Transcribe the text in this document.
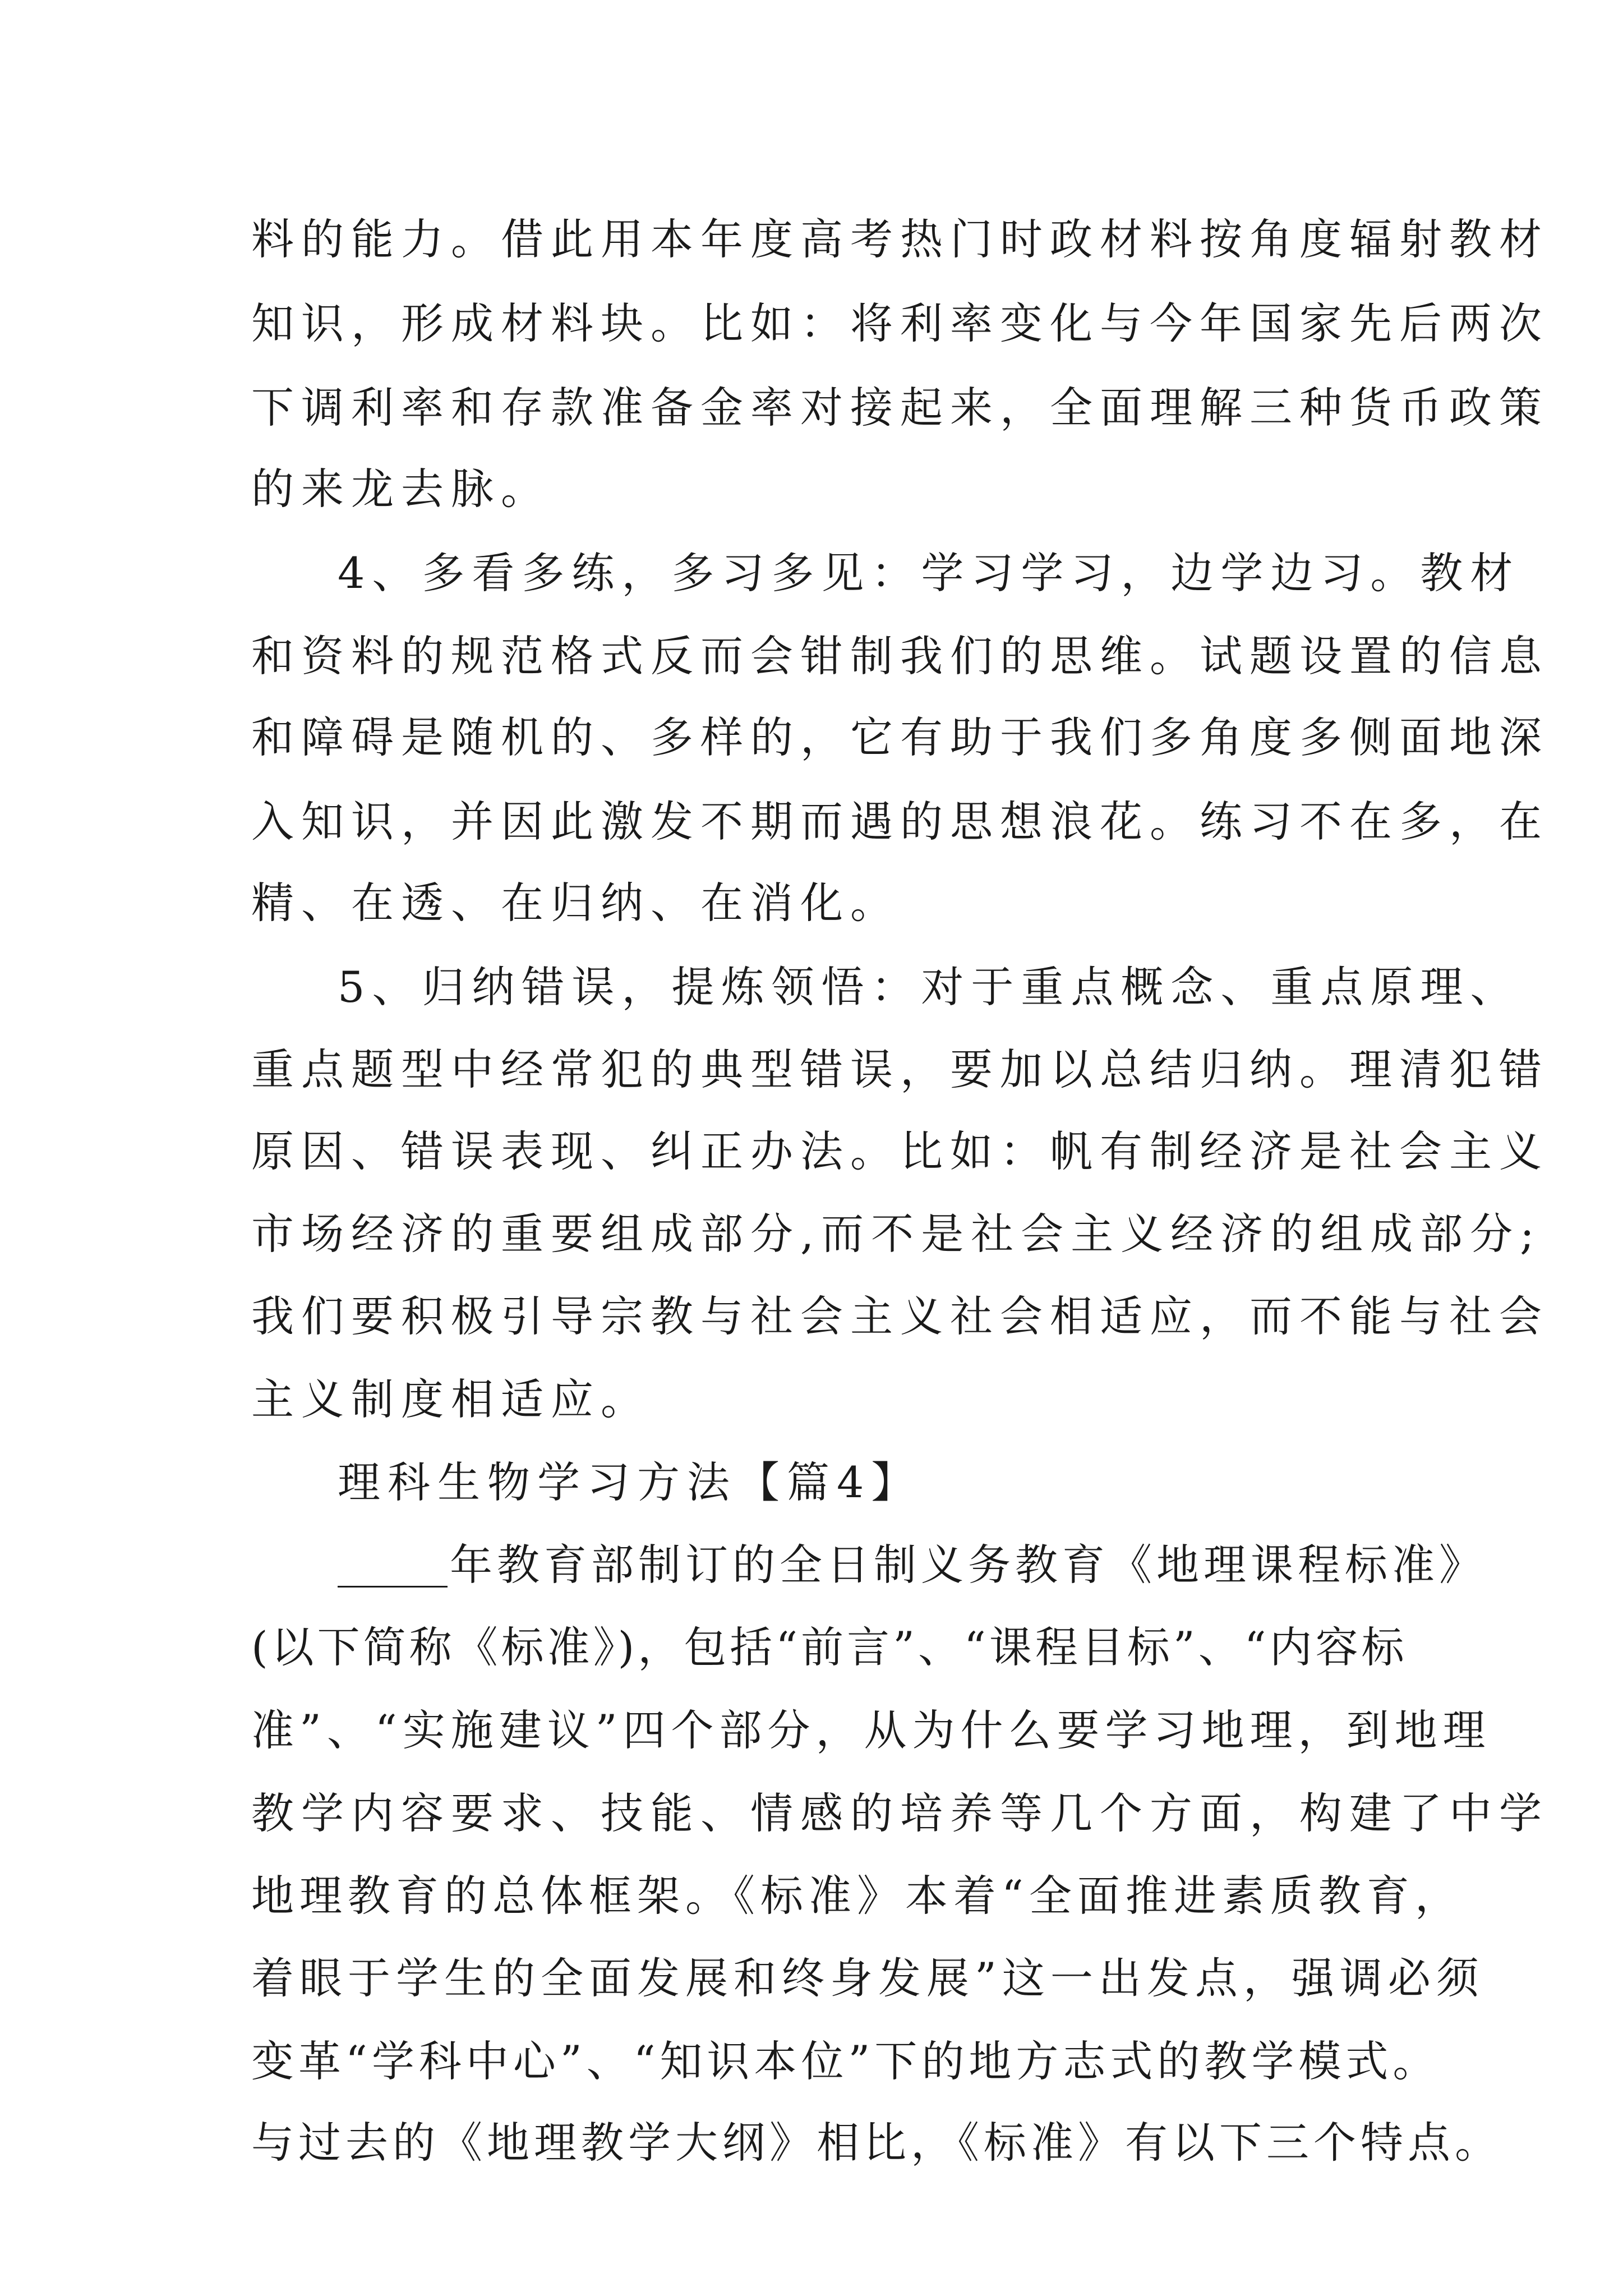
料的能力。借此用本年度高考热门时政材料按角度辐射教材
知识，形成材料块。比如：将利率变化与今年国家先后两次
下调利率和存款准备金率对接起来，全面理解三种货币政策
的来龙去脉。
4、多看多练，多习多见：学习学习，边学边习。教材
和资料的规范格式反而会钳制我们的思维。试题设置的信息
和障碍是随机的、多样的，它有助于我们多角度多侧面地深
入知识，并因此激发不期而遇的思想浪花。练习不在多，在
精、在透、在归纳、在消化。
5、归纳错误，提炼领悟：对于重点概念、重点原理、
重点题型中经常犯的典型错误，要加以总结归纳。理清犯错
原因、错误表现、纠正办法。比如：帆有制经济是社会主义
市场经济的重要组成部分,而不是社会主义经济的组成部分;
我们要积极引导宗教与社会主义社会相适应，而不能与社会
主义制度相适应。
理科生物学习方法【篇4】
年教育部制订的全日制义务教育《地理课程标准》
(以下简称《标准》)，包括“前言”、“课程目标”、“内容标
准”、“实施建议”四个部分，从为什么要学习地理，到地理
教学内容要求、技能、情感的培养等几个方面，构建了中学
地理教育的总体框架。《标准》本着“全面推进素质教育，
着眼于学生的全面发展和终身发展”这一出发点，强调必须
变革“学科中心”、“知识本位”下的地方志式的教学模式。
与过去的《地理教学大纲》相比，《标准》有以下三个特点。
